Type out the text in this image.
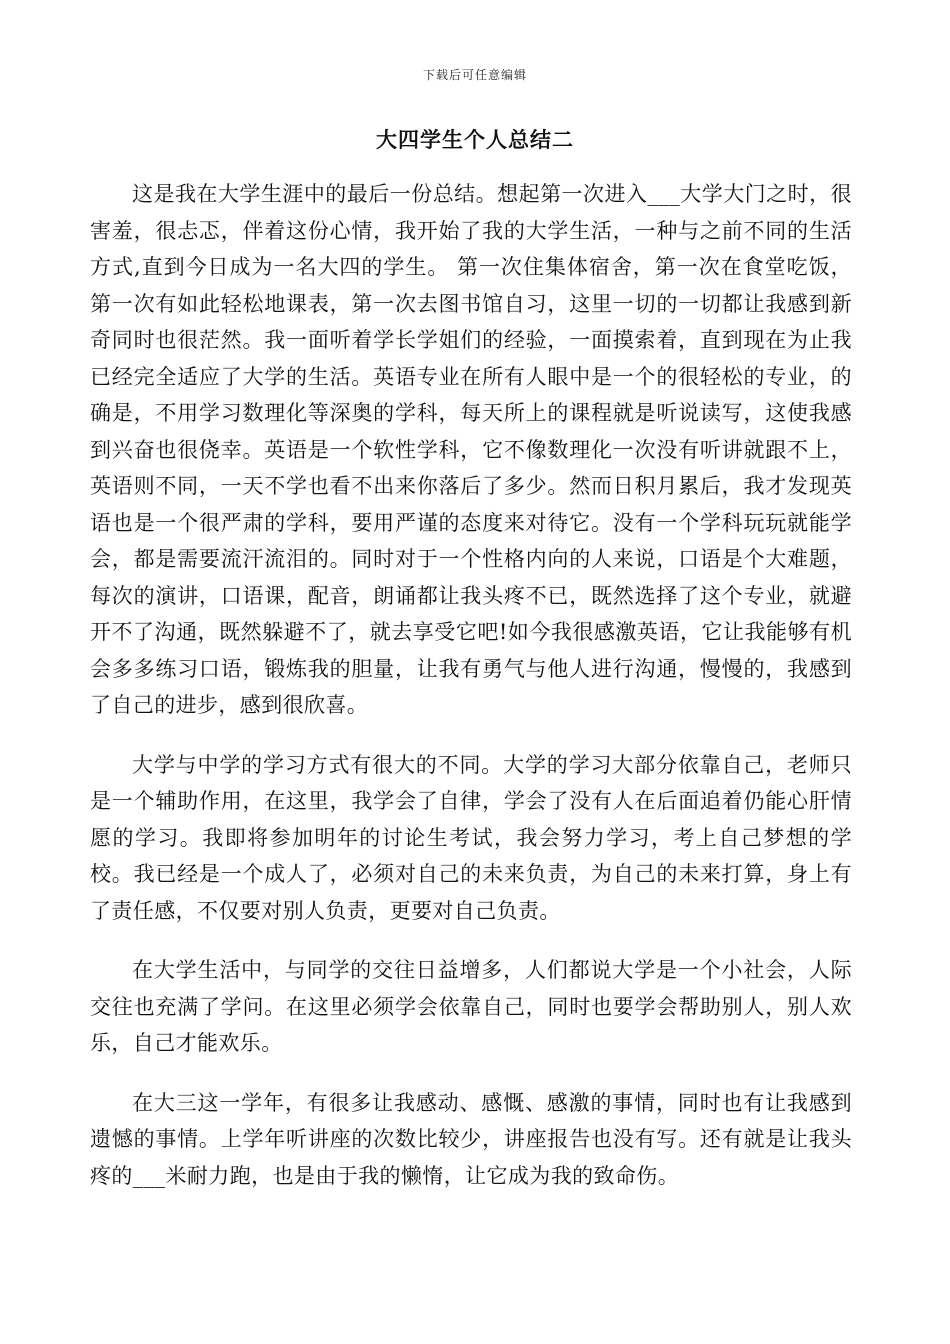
下载后可任意编辑
大四学生个人总结二

这是我在大学生涯中的最后一份总结。想起第一次进入___大学大门之时，很害羞，很忐忑，伴着这份心情，我开始了我的大学生活，一种与之前不同的生活方式,直到今日成为一名大四的学生。 第一次住集体宿舍，第一次在食堂吃饭，第一次有如此轻松地课表，第一次去图书馆自习，这里一切的一切都让我感到新奇同时也很茫然。我一面听着学长学姐们的经验，一面摸索着，直到现在为止我已经完全适应了大学的生活。英语专业在所有人眼中是一个的很轻松的专业，的确是，不用学习数理化等深奥的学科，每天所上的课程就是听说读写，这使我感到兴奋也很侥幸。英语是一个软性学科，它不像数理化一次没有听讲就跟不上，英语则不同，一天不学也看不出来你落后了多少。然而日积月累后，我才发现英语也是一个很严肃的学科，要用严谨的态度来对待它。没有一个学科玩玩就能学会，都是需要流汗流泪的。同时对于一个性格内向的人来说，口语是个大难题，每次的演讲，口语课，配音，朗诵都让我头疼不已，既然选择了这个专业，就避开不了沟通，既然躲避不了，就去享受它吧!如今我很感激英语，它让我能够有机会多多练习口语，锻炼我的胆量，让我有勇气与他人进行沟通，慢慢的，我感到了自己的进步，感到很欣喜。

大学与中学的学习方式有很大的不同。大学的学习大部分依靠自己，老师只是一个辅助作用，在这里，我学会了自律，学会了没有人在后面追着仍能心肝情愿的学习。我即将参加明年的讨论生考试，我会努力学习，考上自己梦想的学校。我已经是一个成人了，必须对自己的未来负责，为自己的未来打算，身上有了责任感，不仅要对别人负责，更要对自己负责。

在大学生活中，与同学的交往日益增多，人们都说大学是一个小社会，人际交往也充满了学问。在这里必须学会依靠自己，同时也要学会帮助别人，别人欢乐，自己才能欢乐。

在大三这一学年，有很多让我感动、感慨、感激的事情，同时也有让我感到遗憾的事情。上学年听讲座的次数比较少，讲座报告也没有写。还有就是让我头疼的___米耐力跑，也是由于我的懒惰，让它成为我的致命伤。
